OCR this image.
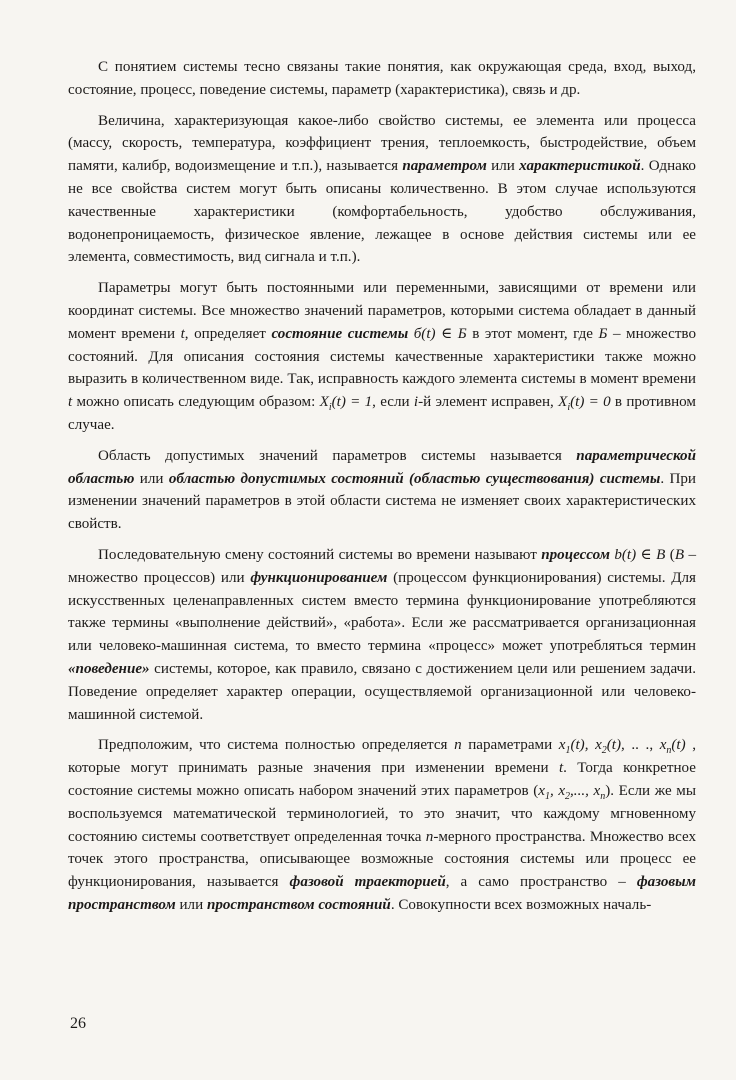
С понятием системы тесно связаны такие понятия, как окружающая среда, вход, выход, состояние, процесс, поведение системы, параметр (характеристика), связь и др.

Величина, характеризующая какое-либо свойство системы, ее элемента или процесса (массу, скорость, температура, коэффициент трения, теплоемкость, быстродействие, объем памяти, калибр, водоизмещение и т.п.), называется параметром или характеристикой. Однако не все свойства систем могут быть описаны количественно. В этом случае используются качественные характеристики (комфортабельность, удобство обслуживания, водонепроницаемость, физическое явление, лежащее в основе действия системы или ее элемента, совместимость, вид сигнала и т.п.).

Параметры могут быть постоянными или переменными, зависящими от времени или координат системы. Все множество значений параметров, которыми система обладает в данный момент времени t, определяет состояние системы б(t) ∈ Б в этот момент, где Б – множество состояний. Для описания состояния системы качественные характеристики также можно выразить в количественном виде. Так, исправность каждого элемента системы в момент времени t можно описать следующим образом: $X_i(t) = 1$, если i-й элемент исправен, $X_i(t) = 0$ в противном случае.

Область допустимых значений параметров системы называется параметрической областью или областью допустимых состояний (областью существования) системы. При изменении значений параметров в этой области система не изменяет своих характеристических свойств.

Последовательную смену состояний системы во времени называют процессом b(t) ∈ B (B – множество процессов) или функционированием (процессом функционирования) системы. Для искусственных целенаправленных систем вместо термина функционирование употребляются также термины «выполнение действий», «работа». Если же рассматривается организационная или человеко-машинная система, то вместо термина «процесс» может употребляться термин «поведение» системы, которое, как правило, связано с достижением цели или решением задачи. Поведение определяет характер операции, осуществляемой организационной или человеко-машинной системой.

Предположим, что система полностью определяется n параметрами $x_1(t)$, $x_2(t)$, .. ., $x_n(t)$ , которые могут принимать разные значения при изменении времени t. Тогда конкретное состояние системы можно описать набором значений этих параметров ($x_1$, $x_2$,..., $x_n$). Если же мы воспользуемся математической терминологией, то это значит, что каждому мгновенному состоянию системы соответствует определенная точка n-мерного пространства. Множество всех точек этого пространства, описывающее возможные состояния системы или процесс ее функционирования, называется фазовой траекторией, а само пространство – фазовым пространством или пространством состояний. Совокупности всех возможных началь-

26
